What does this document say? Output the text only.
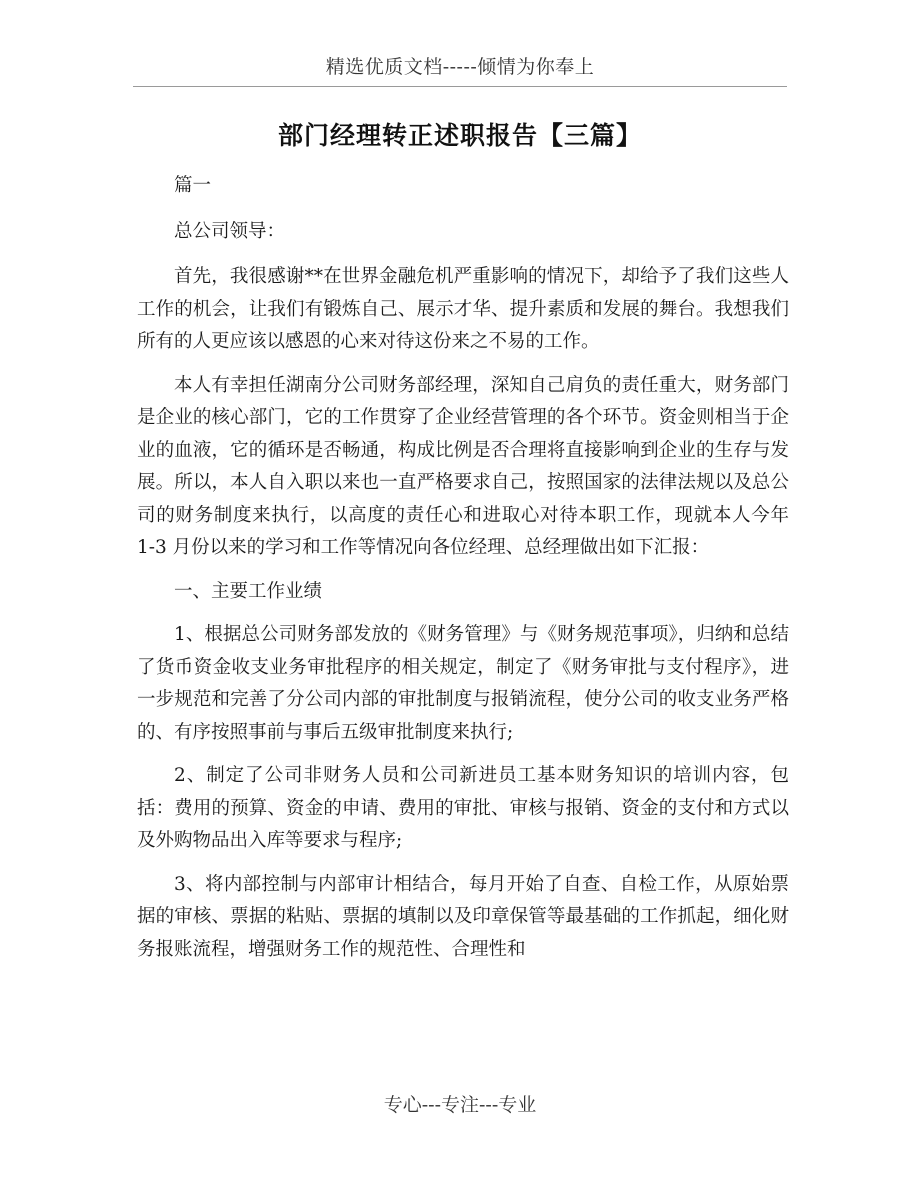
精选优质文档-----倾情为你奉上
部门经理转正述职报告【三篇】

篇一

总公司领导：

首先，我很感谢**在世界金融危机严重影响的情况下，却给予了我们这些人工作的机会，让我们有锻炼自己、展示才华、提升素质和发展的舞台。我想我们所有的人更应该以感恩的心来对待这份来之不易的工作。

本人有幸担任湖南分公司财务部经理，深知自己肩负的责任重大，财务部门是企业的核心部门，它的工作贯穿了企业经营管理的各个环节。资金则相当于企业的血液，它的循环是否畅通，构成比例是否合理将直接影响到企业的生存与发展。所以，本人自入职以来也一直严格要求自己，按照国家的法律法规以及总公司的财务制度来执行，以高度的责任心和进取心对待本职工作，现就本人今年 1-3 月份以来的学习和工作等情况向各位经理、总经理做出如下汇报：

一、主要工作业绩

1、根据总公司财务部发放的《财务管理》与《财务规范事项》，归纳和总结了货币资金收支业务审批程序的相关规定，制定了《财务审批与支付程序》，进一步规范和完善了分公司内部的审批制度与报销流程，使分公司的收支业务严格的、有序按照事前与事后五级审批制度来执行;

2、制定了公司非财务人员和公司新进员工基本财务知识的培训内容，包括：费用的预算、资金的申请、费用的审批、审核与报销、资金的支付和方式以及外购物品出入库等要求与程序;

3、将内部控制与内部审计相结合，每月开始了自查、自检工作，从原始票据的审核、票据的粘贴、票据的填制以及印章保管等最基础的工作抓起，细化财务报账流程，增强财务工作的规范性、合理性和

专心---专注---专业
